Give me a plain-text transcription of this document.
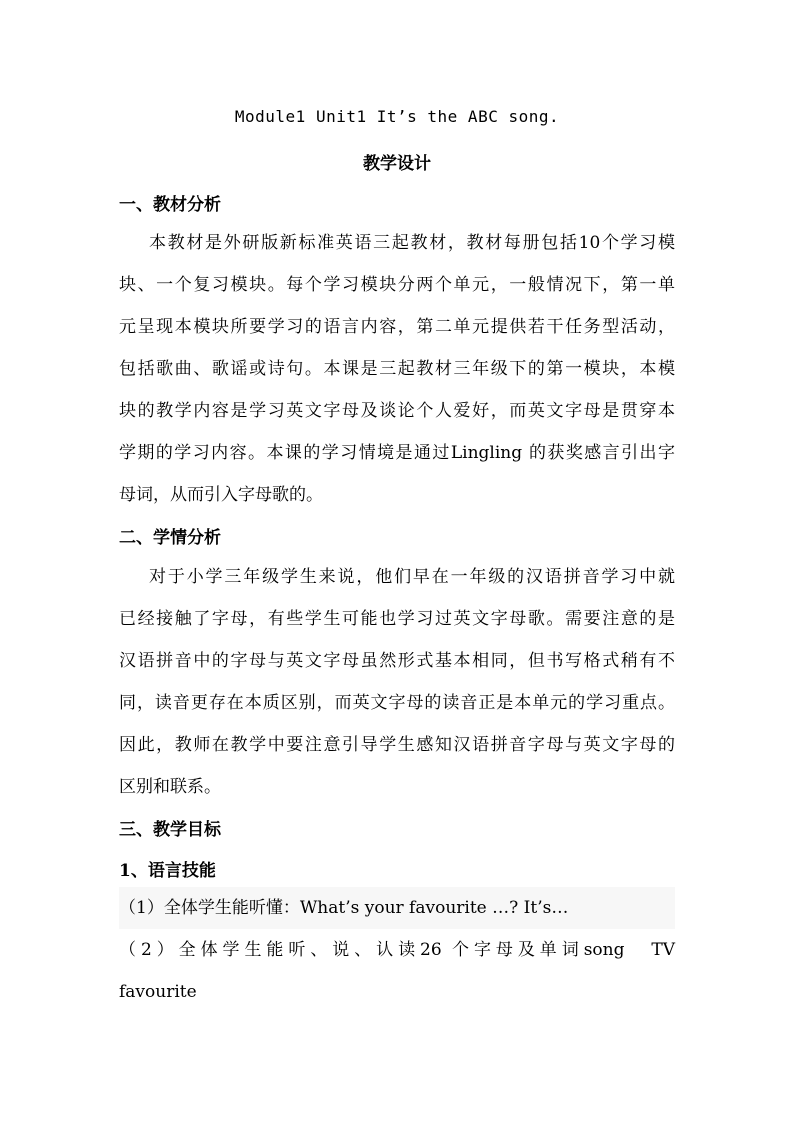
Module1 Unit1 It’s the ABC song.
教学设计
一、教材分析
本教材是外研版新标准英语三起教材，教材每册包括10个学习模
块、一个复习模块。每个学习模块分两个单元，一般情况下，第一单
元呈现本模块所要学习的语言内容，第二单元提供若干任务型活动，
包括歌曲、歌谣或诗句。本课是三起教材三年级下的第一模块，本模
块的教学内容是学习英文字母及谈论个人爱好，而英文字母是贯穿本
学期的学习内容。本课的学习情境是通过Lingling 的获奖感言引出字
母词，从而引入字母歌的。
二、学情分析
对于小学三年级学生来说，他们早在一年级的汉语拼音学习中就
已经接触了字母，有些学生可能也学习过英文字母歌。需要注意的是
汉语拼音中的字母与英文字母虽然形式基本相同，但书写格式稍有不
同，读音更存在本质区别，而英文字母的读音正是本单元的学习重点。
因此，教师在教学中要注意引导学生感知汉语拼音字母与英文字母的
区别和联系。
三、教学目标
1、语言技能
（1）全体学生能听懂：What’s your favourite …? It’s…
（2）全体学生能听、说、认读26 个字母及单词song　TV
favourite
